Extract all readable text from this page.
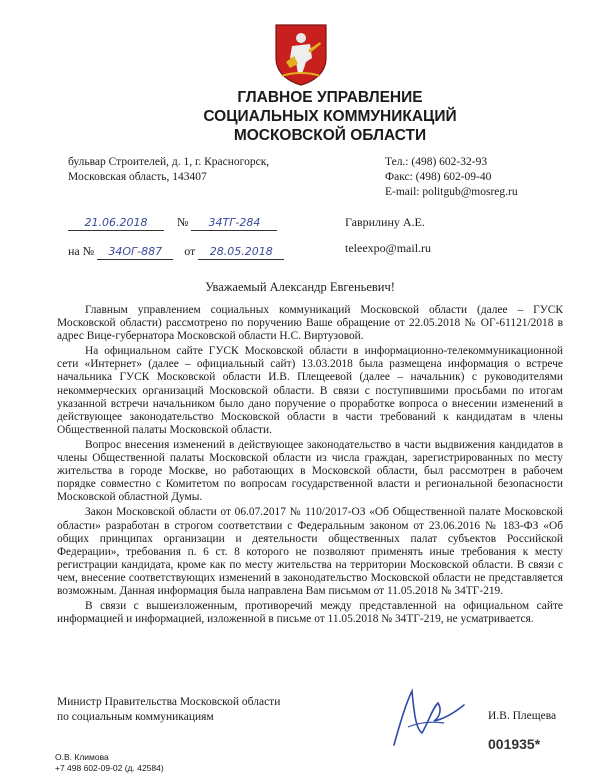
ГЛАВНОЕ УПРАВЛЕНИЕ
СОЦИАЛЬНЫХ КОММУНИКАЦИЙ
МОСКОВСКОЙ ОБЛАСТИ
бульвар Строителей, д. 1, г. Красногорск,
Московская область, 143407
Тел.: (498) 602-32-93
Факс: (498) 602-09-40
E-mail: politgub@mosreg.ru
21.06.2018 № 34ТГ-284
на № 34ОГ-887 от 28.05.2018
Гаврилину А.Е.
teleexpo@mail.ru
Уважаемый Александр Евгеньевич!

Главным управлением социальных коммуникаций Московской области (далее – ГУСК Московской области) рассмотрено по поручению Ваше обращение от 22.05.2018 № ОГ-61121/2018 в адрес Вице-губернатора Московской области Н.С. Виртузовой.

На официальном сайте ГУСК Московской области в информационно-телекоммуникационной сети «Интернет» (далее – официальный сайт) 13.03.2018 была размещена информация о встрече начальника ГУСК Московской области И.В. Плещеевой (далее – начальник) с руководителями некоммерческих организаций Московской области. В связи с поступившими просьбами по итогам указанной встречи начальником было дано поручение о проработке вопроса о внесении изменений в действующее законодательство Московской области в части требований к кандидатам в члены Общественной палаты Московской области.

Вопрос внесения изменений в действующее законодательство в части выдвижения кандидатов в члены Общественной палаты Московской области из числа граждан, зарегистрированных по месту жительства в городе Москве, но работающих в Московской области, был рассмотрен в рабочем порядке совместно с Комитетом по вопросам государственной власти и региональной безопасности Московской областной Думы.

Закон Московской области от 06.07.2017 № 110/2017-ОЗ «Об Общественной палате Московской области» разработан в строгом соответствии с Федеральным законом от 23.06.2016 № 183-ФЗ «Об общих принципах организации и деятельности общественных палат субъектов Российской Федерации», требования п. 6 ст. 8 которого не позволяют применять иные требования к месту регистрации кандидата, кроме как по месту жительства на территории Московской области. В связи с чем, внесение соответствующих изменений в законодательство Московской области не представляется возможным. Данная информация была направлена Вам письмом от 11.05.2018 № 34ТГ-219.

В связи с вышеизложенным, противоречий между представленной на официальном сайте информацией и информацией, изложенной в письме от 11.05.2018 № 34ТГ-219, не усматривается.

Министр Правительства Московской области
по социальным коммуникациям	И.В. Плещева
001935*
О.В. Климова
+7 498 602-09-02 (д. 42584)
